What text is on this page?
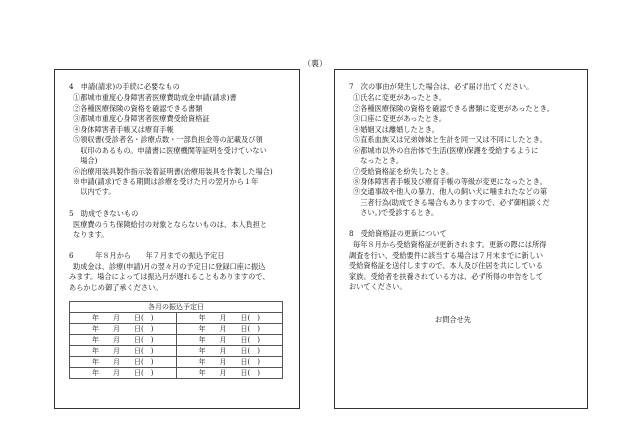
（裏）
4　申請(請求)の手続に必要なもの
①都城市重度心身障害者医療費助成金申請(請求)書
②各種医療保険の資格を確認できる書類
③都城市重度心身障害者医療費受給資格証
④身体障害者手帳又は療育手帳
⑤領収書(受診者名・診療点数・一部負担金等の記載及び領
　収印のあるもの。申請書に医療機関等証明を受けていない
　場合)
⑥治療用装具製作指示装着証明書(治療用装具を作製した場合)
※申請(請求)できる期間は診療を受けた月の翌月から１年
　以内です。
5　助成できないもの
医療費のうち保険給付の対象とならないものは、本人負担と
なります。
6　　　年８月から　　年７月までの振込予定日
助成金は、診療(申請)月の翌々月の予定日に登録口座に振込
みます。場合によっては振込月が遅れることもありますので、
あらかじめ御了承ください。
各月の振込予定日	
年　　月　　日(　)	年　　月　　日(　)
年　　月　　日(　)	年　　月　　日(　)
年　　月　　日(　)	年　　月　　日(　)
年　　月　　日(　)	年　　月　　日(　)
年　　月　　日(　)	年　　月　　日(　)
年　　月　　日(　)	年　　月　　日(　)
7　次の事由が発生した場合は、必ず届け出てください。
①氏名に変更があったとき。
②各種医療保険の資格を確認できる書類に変更があったとき。
③口座に変更があったとき。
④婚姻又は離婚したとき。
⑤直系血族又は兄弟姉妹と生計を同一又は不同にしたとき。
⑥都城市以外の自治体で生活(医療)保護を受給するように
　なったとき。
⑦受給資格証を紛失したとき。
⑧身体障害者手帳及び療育手帳の等級が変更になったとき。
⑨交通事故や他人の暴力、他人の飼い犬に噛まれたなどの第
　三者行為(助成できる場合もありますので、必ず御相談くだ
　さい。)で受診するとき。
8　受給資格証の更新について
毎年８月から受給資格証が更新されます。更新の際には所得
調査を行い、受給要件に該当する場合は７月末までに新しい
受給資格証を送付しますので、本人及び住居を共にしている
家族、受給者を扶養されている方は、必ず所得の申告をして
おいてください。
お問合せ先
